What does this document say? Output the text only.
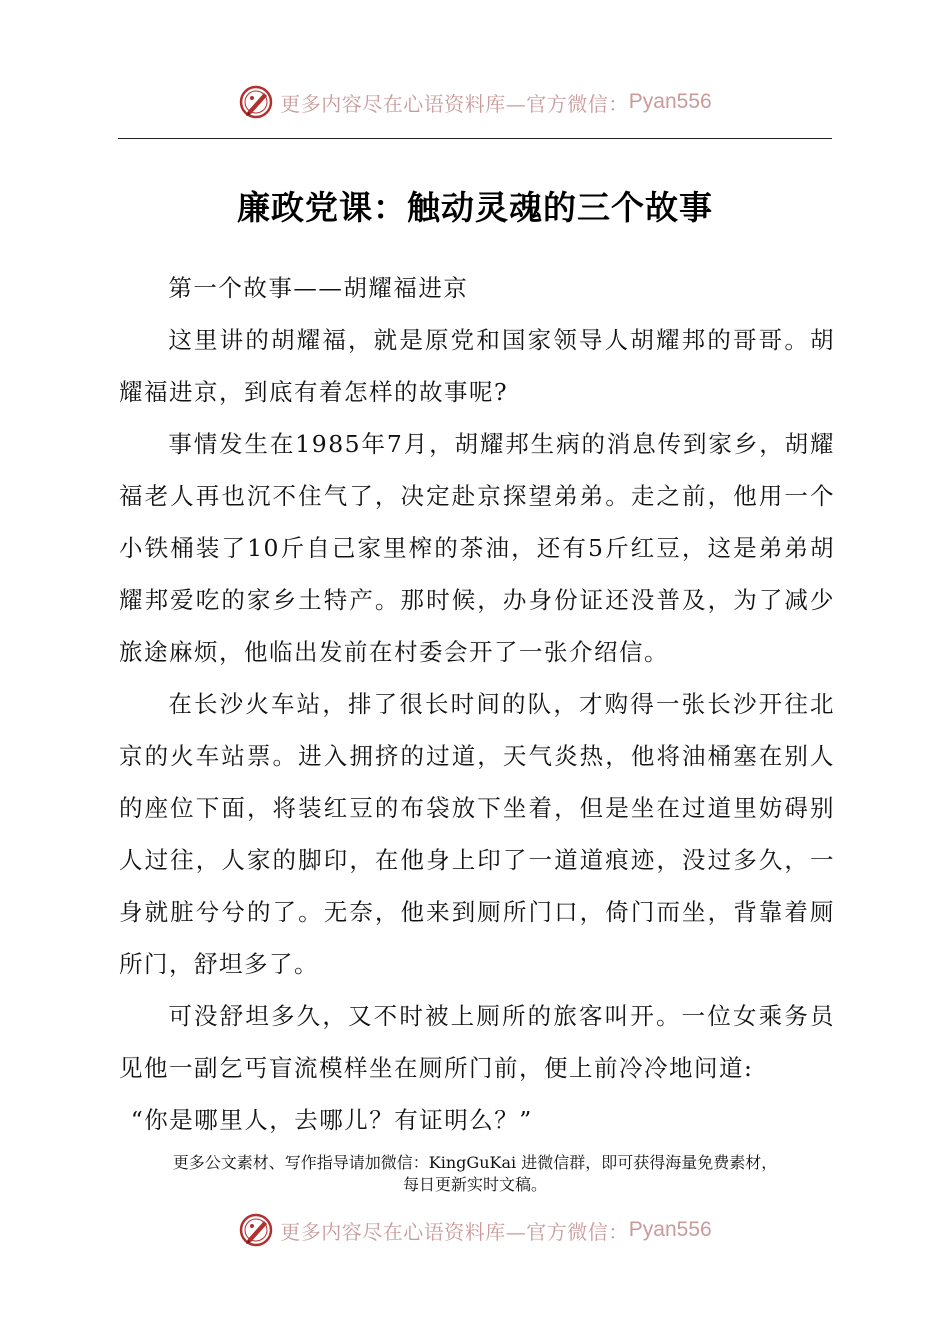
更多内容尽在心语资料库—官方微信： Pyan556
廉政党课：触动灵魂的三个故事

第一个故事——胡耀福进京

这里讲的胡耀福，就是原党和国家领导人胡耀邦的哥哥。胡耀福进京，到底有着怎样的故事呢?

事情发生在1985年7月，胡耀邦生病的消息传到家乡，胡耀福老人再也沉不住气了，决定赴京探望弟弟。走之前，他用一个小铁桶装了10斤自己家里榨的茶油，还有5斤红豆，这是弟弟胡耀邦爱吃的家乡土特产。那时候，办身份证还没普及，为了减少旅途麻烦，他临出发前在村委会开了一张介绍信。

在长沙火车站，排了很长时间的队，才购得一张长沙开往北京的火车站票。进入拥挤的过道，天气炎热，他将油桶塞在别人的座位下面，将装红豆的布袋放下坐着，但是坐在过道里妨碍别人过往，人家的脚印，在他身上印了一道道痕迹，没过多久，一身就脏兮兮的了。无奈，他来到厕所门口，倚门而坐，背靠着厕所门，舒坦多了。

可没舒坦多久，又不时被上厕所的旅客叫开。一位女乘务员见他一副乞丐盲流模样坐在厕所门前，便上前冷冷地问道:

“你是哪里人，去哪儿？有证明么？”

更多公文素材、写作指导请加微信：KingGuKai 进微信群，即可获得海量免费素材，
每日更新实时文稿。
更多内容尽在心语资料库—官方微信： Pyan556
